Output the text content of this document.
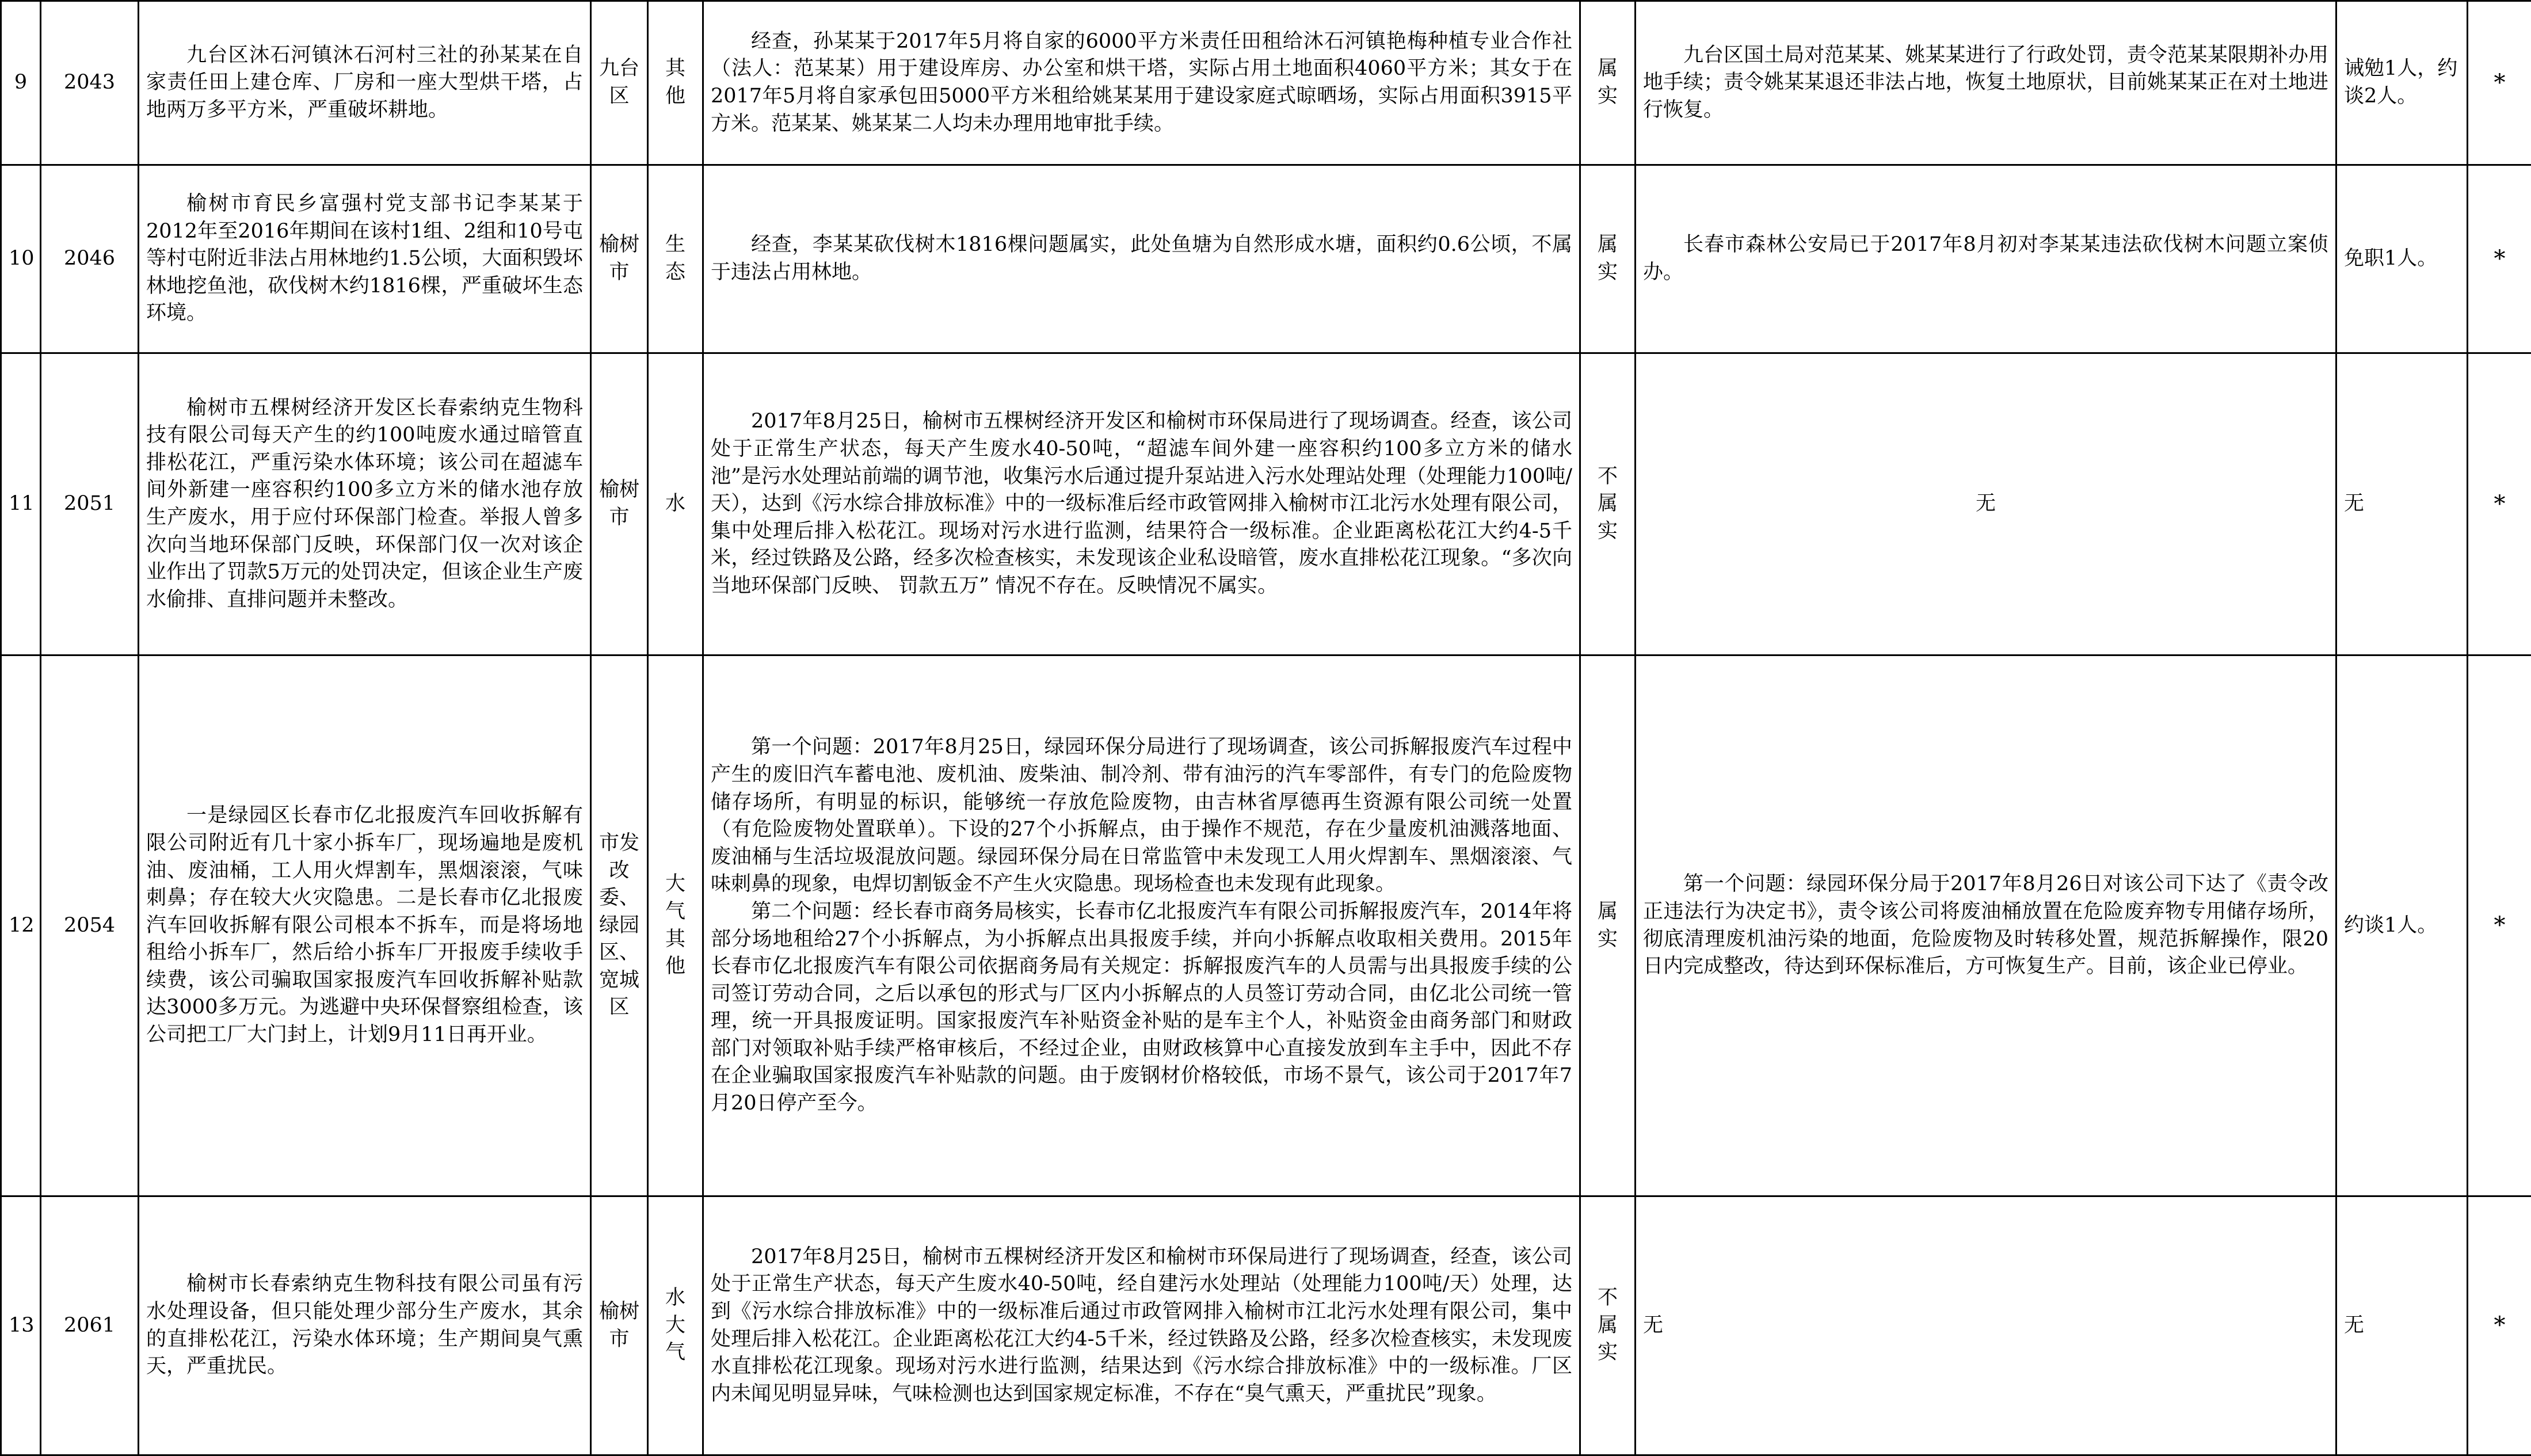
9	2043	九台区沐石河镇沐石河村三社的孙某某在自家责任田上建仓库、厂房和一座大型烘干塔，占地两万多平方米，严重破坏耕地。	九台区	其他	经查，孙某某于2017年5月将自家的6000平方米责任田租给沐石河镇艳梅种植专业合作社（法人：范某某）用于建设库房、办公室和烘干塔，实际占用土地面积4060平方米；其女于在2017年5月将自家承包田5000平方米租给姚某某用于建设家庭式晾晒场，实际占用面积3915平方米。范某某、姚某某二人均未办理用地审批手续。	属实	九台区国土局对范某某、姚某某进行了行政处罚，责令范某某限期补办用地手续；责令姚某某退还非法占地，恢复土地原状，目前姚某某正在对土地进行恢复。	诫勉1人，约谈2人。	*
10	2046	榆树市育民乡富强村党支部书记李某某于2012年至2016年期间在该村1组、2组和10号屯等村屯附近非法占用林地约1.5公顷，大面积毁坏林地挖鱼池，砍伐树木约1816棵，严重破坏生态环境。	榆树市	生态	经查，李某某砍伐树木1816棵问题属实，此处鱼塘为自然形成水塘，面积约0.6公顷，不属于违法占用林地。	属实	长春市森林公安局已于2017年8月初对李某某违法砍伐树木问题立案侦办。	免职1人。	*
11	2051	榆树市五棵树经济开发区长春索纳克生物科技有限公司每天产生的约100吨废水通过暗管直排松花江，严重污染水体环境；该公司在超滤车间外新建一座容积约100多立方米的储水池存放生产废水，用于应付环保部门检查。举报人曾多次向当地环保部门反映，环保部门仅一次对该企业作出了罚款5万元的处罚决定，但该企业生产废水偷排、直排问题并未整改。	榆树市	水	2017年8月25日，榆树市五棵树经济开发区和榆树市环保局进行了现场调查。经查，该公司处于正常生产状态，每天产生废水40-50吨，“超滤车间外建一座容积约100多立方米的储水池”是污水处理站前端的调节池，收集污水后通过提升泵站进入污水处理站处理（处理能力100吨/天），达到《污水综合排放标准》中的一级标准后经市政管网排入榆树市江北污水处理有限公司，集中处理后排入松花江。现场对污水进行监测，结果符合一级标准。企业距离松花江大约4-5千米，经过铁路及公路，经多次检查核实，未发现该企业私设暗管，废水直排松花江现象。“多次向当地环保部门反映、 罚款五万” 情况不存在。反映情况不属实。	不属实	无	无	*
12	2054	一是绿园区长春市亿北报废汽车回收拆解有限公司附近有几十家小拆车厂，现场遍地是废机油、废油桶，工人用火焊割车，黑烟滚滚，气味刺鼻；存在较大火灾隐患。二是长春市亿北报废汽车回收拆解有限公司根本不拆车，而是将场地租给小拆车厂，然后给小拆车厂开报废手续收手续费，该公司骗取国家报废汽车回收拆解补贴款达3000多万元。为逃避中央环保督察组检查，该公司把工厂大门封上，计划9月11日再开业。	市发改委、绿园区、宽城区	大气其他	第一个问题：2017年8月25日，绿园环保分局进行了现场调查，该公司拆解报废汽车过程中产生的废旧汽车蓄电池、废机油、废柴油、制冷剂、带有油污的汽车零部件，有专门的危险废物储存场所，有明显的标识，能够统一存放危险废物，由吉林省厚德再生资源有限公司统一处置（有危险废物处置联单）。下设的27个小拆解点，由于操作不规范，存在少量废机油溅落地面、废油桶与生活垃圾混放问题。绿园环保分局在日常监管中未发现工人用火焊割车、黑烟滚滚、气味刺鼻的现象，电焊切割钣金不产生火灾隐患。现场检查也未发现有此现象。

第二个问题：经长春市商务局核实，长春市亿北报废汽车有限公司拆解报废汽车，2014年将部分场地租给27个小拆解点，为小拆解点出具报废手续，并向小拆解点收取相关费用。2015年长春市亿北报废汽车有限公司依据商务局有关规定：拆解报废汽车的人员需与出具报废手续的公司签订劳动合同，之后以承包的形式与厂区内小拆解点的人员签订劳动合同，由亿北公司统一管理，统一开具报废证明。国家报废汽车补贴资金补贴的是车主个人，补贴资金由商务部门和财政部门对领取补贴手续严格审核后，不经过企业，由财政核算中心直接发放到车主手中，因此不存在企业骗取国家报废汽车补贴款的问题。由于废钢材价格较低，市场不景气，该公司于2017年7月20日停产至今。	属实	第一个问题：绿园环保分局于2017年8月26日对该公司下达了《责令改正违法行为决定书》，责令该公司将废油桶放置在危险废弃物专用储存场所，彻底清理废机油污染的地面，危险废物及时转移处置，规范拆解操作，限20日内完成整改，待达到环保标准后，方可恢复生产。目前，该企业已停业。	约谈1人。	*
13	2061	榆树市长春索纳克生物科技有限公司虽有污水处理设备，但只能处理少部分生产废水，其余的直排松花江，污染水体环境；生产期间臭气熏天，严重扰民。	榆树市	水大气	2017年8月25日，榆树市五棵树经济开发区和榆树市环保局进行了现场调查，经查，该公司处于正常生产状态，每天产生废水40-50吨，经自建污水处理站（处理能力100吨/天）处理，达到《污水综合排放标准》中的一级标准后通过市政管网排入榆树市江北污水处理有限公司，集中处理后排入松花江。企业距离松花江大约4-5千米，经过铁路及公路，经多次检查核实，未发现废水直排松花江现象。现场对污水进行监测，结果达到《污水综合排放标准》中的一级标准。厂区内未闻见明显异味，气味检测也达到国家规定标准，不存在“臭气熏天，严重扰民”现象。	不属实	无	无	*
